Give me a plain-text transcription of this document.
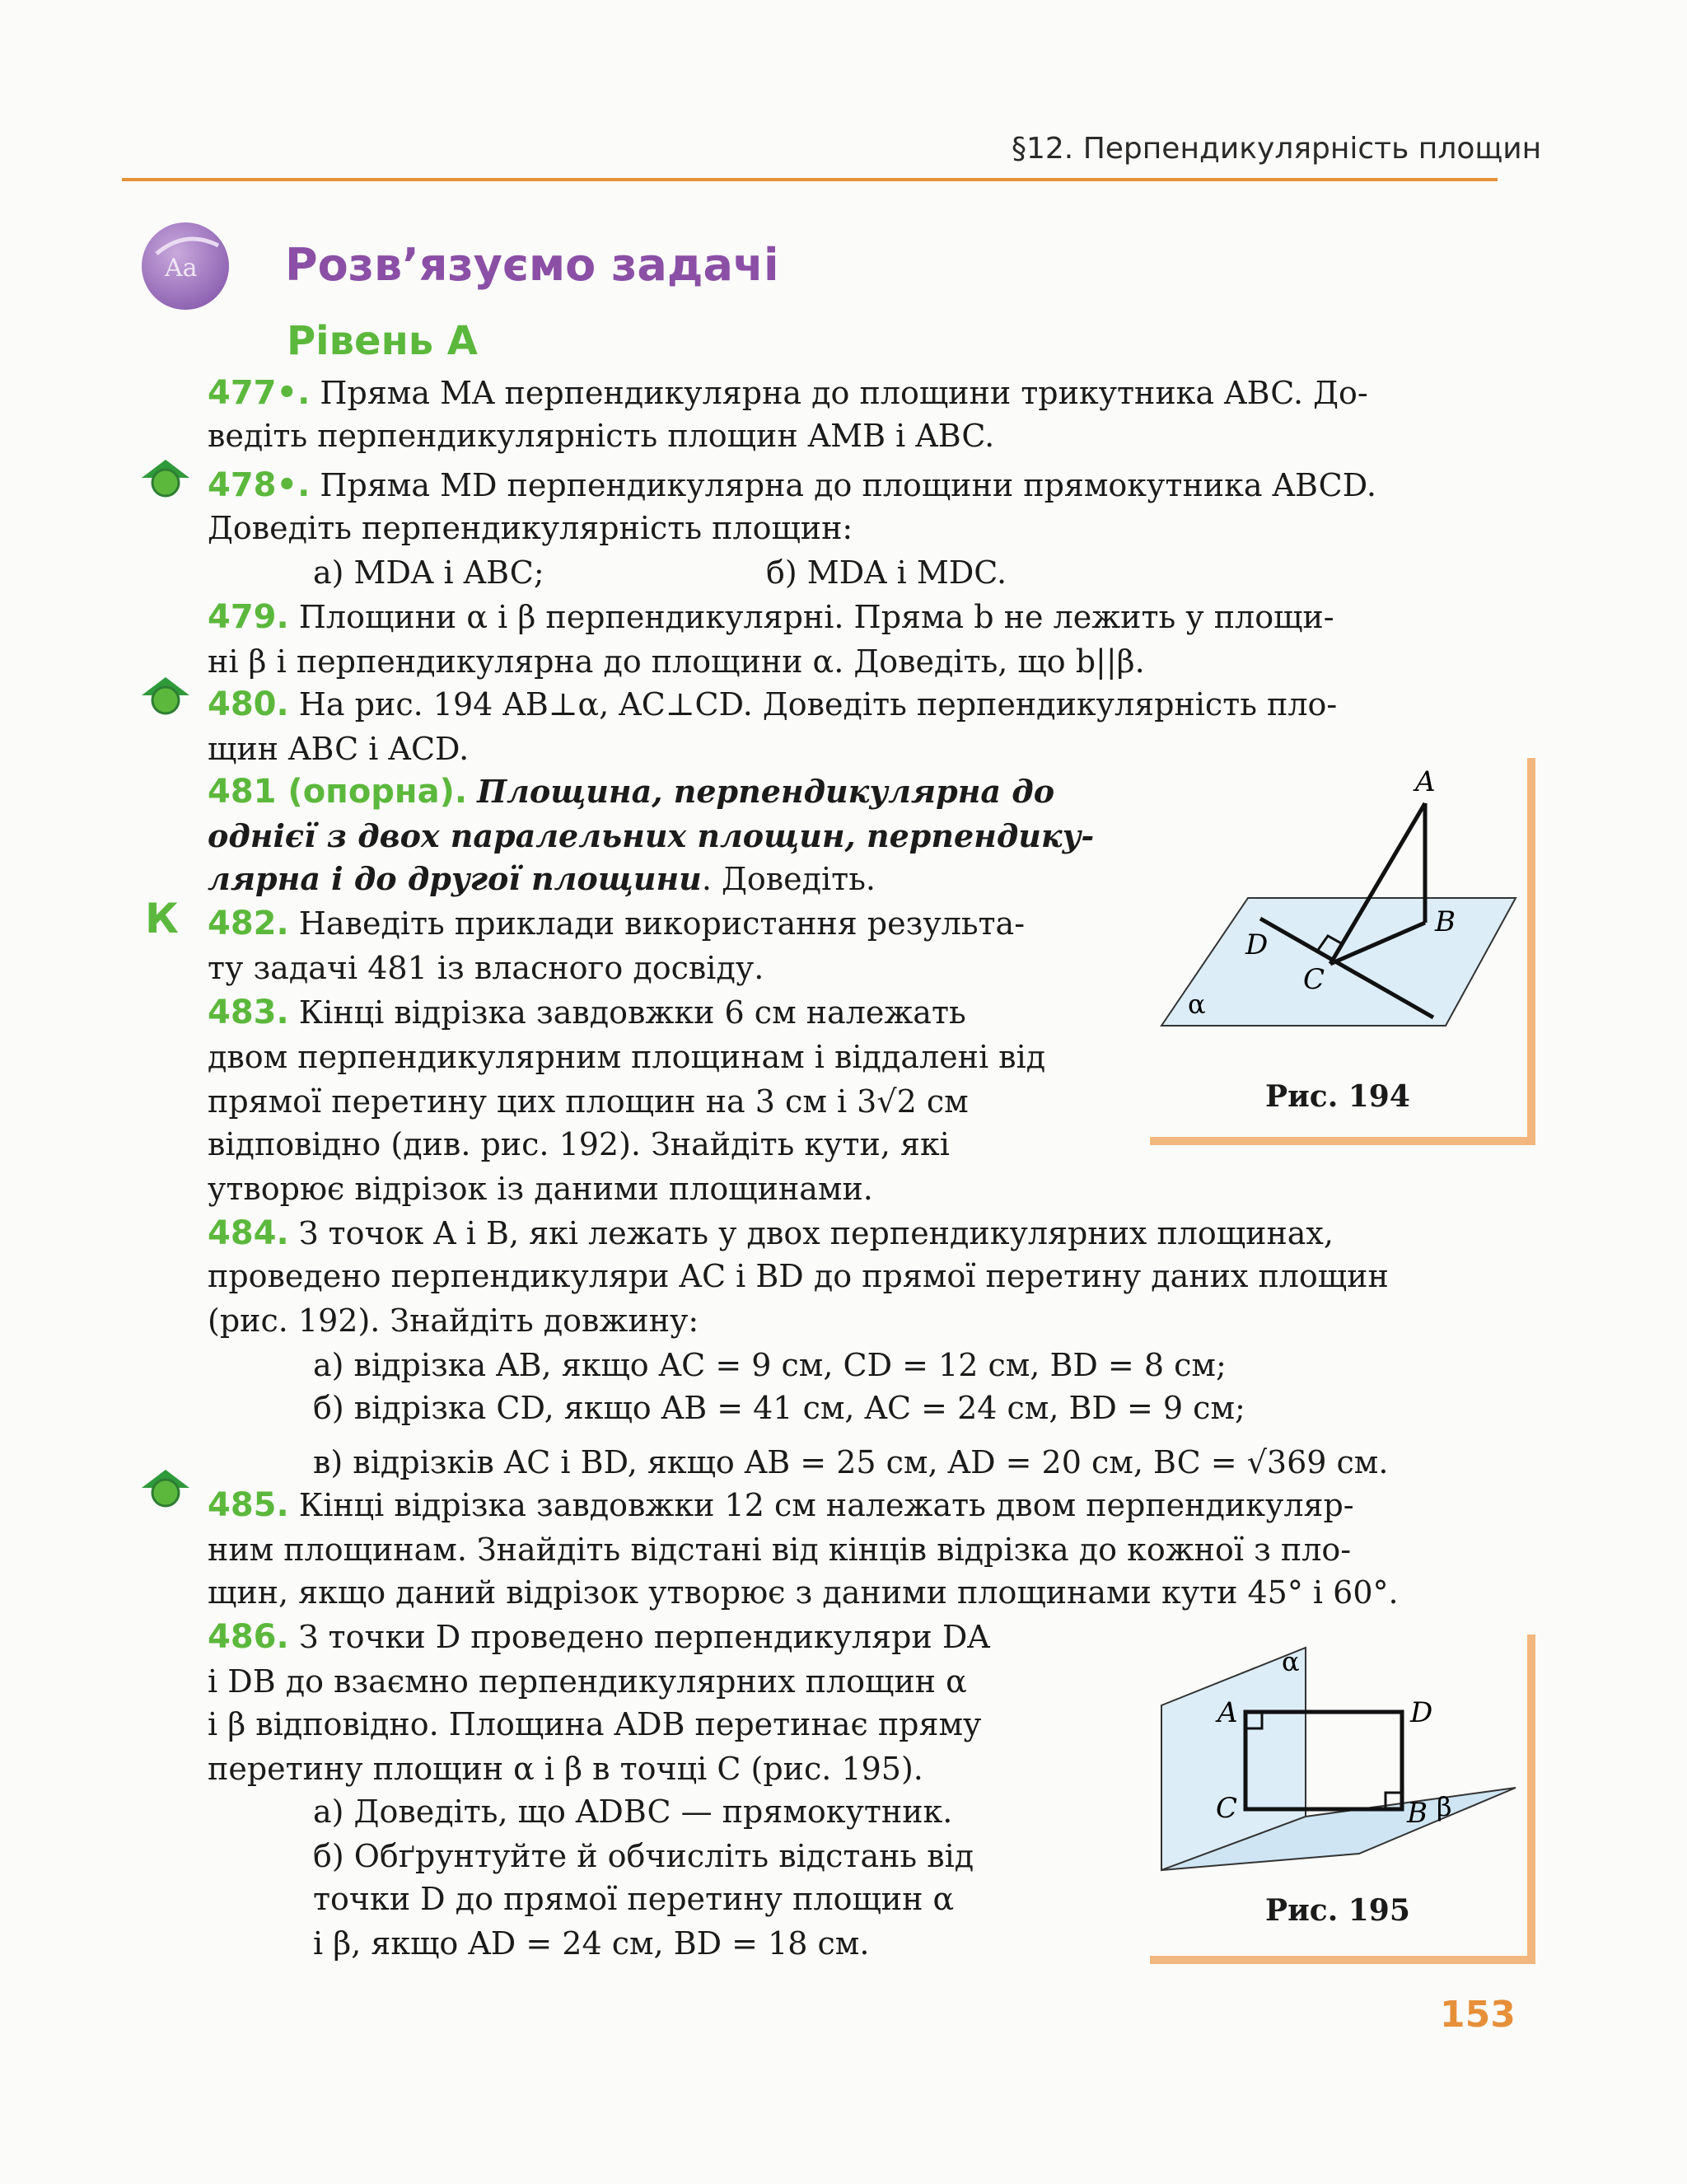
§12. Перпендикулярність площин
Aa Розв’язуємо задачі
Рівень А
К
477•. Пряма MA перпендикулярна до площини трикутника ABC. До-
ведіть перпендикулярність площин AMB і ABC.
478•. Пряма MD перпендикулярна до площини прямокутника ABCD.
Доведіть перпендикулярність площин:
а) MDA і ABC;	б) MDA і MDC.
479. Площини α і β перпендикулярні. Пряма b не лежить у площи-
ні β і перпендикулярна до площини α. Доведіть, що b||β.
480. На рис. 194 AB⊥α, AC⊥CD. Доведіть перпендикулярність пло-
щин ABC і ACD.
481 (опорна). Площина, перпендикулярна до
однієї з двох паралельних площин, перпендику-
лярна і до другої площини. Доведіть.
482. Наведіть приклади використання результа-
ту задачі 481 із власного досвіду.
483. Кінці відрізка завдовжки 6 см належать
двом перпендикулярним площинам і віддалені від
прямої перетину цих площин на 3 см і 3√2 см
відповідно (див. рис. 192). Знайдіть кути, які
утворює відрізок із даними площинами.
A
B
C
D
α
Рис. 194
484. З точок A і B, які лежать у двох перпендикулярних площинах,
проведено перпендикуляри AC і BD до прямої перетину даних площин
(рис. 192). Знайдіть довжину:
а) відрізка AB, якщо AC = 9 см, CD = 12 см, BD = 8 см;
б) відрізка CD, якщо AB = 41 см, AC = 24 см, BD = 9 см;
в) відрізків AC і BD, якщо AB = 25 см, AD = 20 см, BC = √369 см.
485. Кінці відрізка завдовжки 12 см належать двом перпендикуляр-
ним площинам. Знайдіть відстані від кінців відрізка до кожної з пло-
щин, якщо даний відрізок утворює з даними площинами кути 45° і 60°.
486. З точки D проведено перпендикуляри DA
і DB до взаємно перпендикулярних площин α
і β відповідно. Площина ADB перетинає пряму
перетину площин α і β в точці C (рис. 195).
а) Доведіть, що ADBC — прямокутник.
б) Обґрунтуйте й обчисліть відстань від
точки D до прямої перетину площин α
і β, якщо AD = 24 см, BD = 18 см.
A	D
C	B
α
β
Рис. 195
153
